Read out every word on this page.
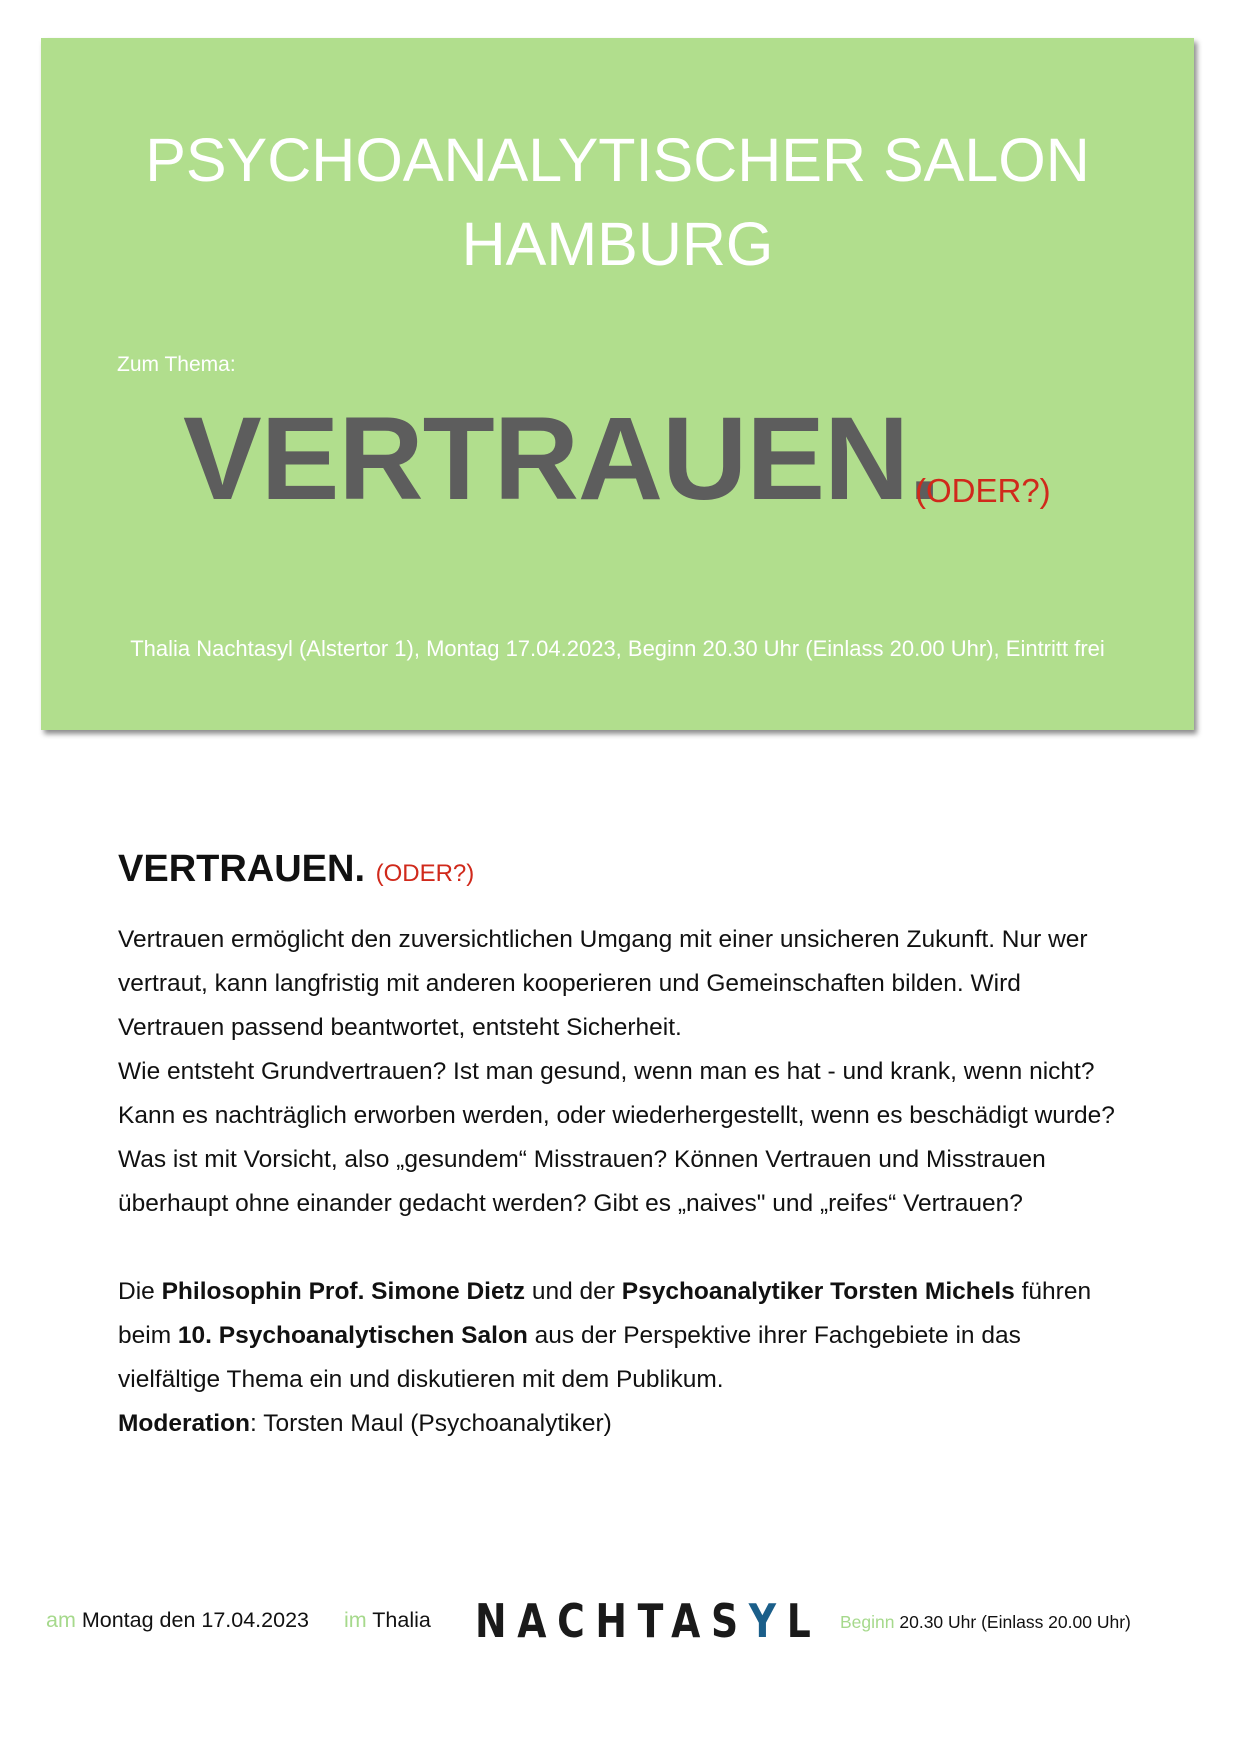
PSYCHOANALYTISCHER SALON
HAMBURG
Zum Thema:
VERTRAUEN.
(ODER?)
Thalia Nachtasyl (Alstertor 1), Montag 17.04.2023, Beginn 20.30 Uhr (Einlass 20.00 Uhr), Eintritt frei
VERTRAUEN. (ODER?)

Vertrauen ermöglicht den zuversichtlichen Umgang mit einer unsicheren Zukunft. Nur wer vertraut, kann langfristig mit anderen kooperieren und Gemeinschaften bilden. Wird Vertrauen passend beantwortet, entsteht Sicherheit.
Wie entsteht Grundvertrauen? Ist man gesund, wenn man es hat - und krank, wenn nicht? Kann es nachträglich erworben werden, oder wiederhergestellt, wenn es beschädigt wurde? Was ist mit Vorsicht, also „gesundem“ Misstrauen? Können Vertrauen und Misstrauen überhaupt ohne einander gedacht werden? Gibt es „naives" und „reifes“ Vertrauen?

Die Philosophin Prof. Simone Dietz und der Psychoanalytiker Torsten Michels führen beim 10. Psychoanalytischen Salon aus der Perspektive ihrer Fachgebiete in das vielfältige Thema ein und diskutieren mit dem Publikum.
Moderation: Torsten Maul (Psychoanalytiker)

am Montag den 17.04.2023 im Thalia NACHTASYL Beginn 20.30 Uhr (Einlass 20.00 Uhr)
